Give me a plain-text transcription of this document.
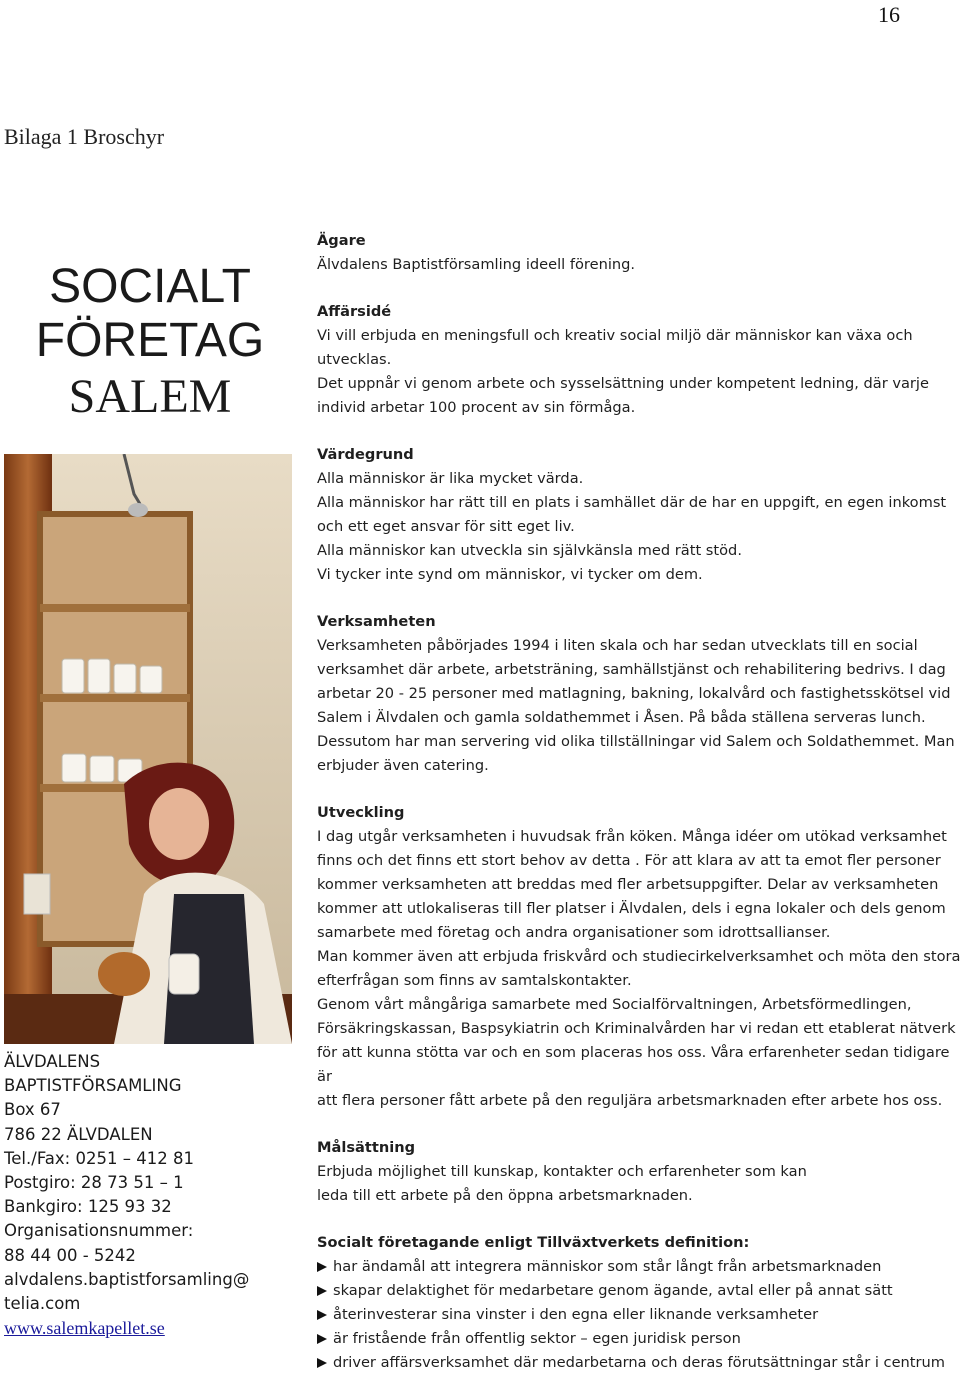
16
Bilaga 1 Broschyr
SOCIALT
FÖRETAG
SALEM
ÄLVDALENS
BAPTISTFÖRSAMLING
Box 67
786 22 ÄLVDALEN
Tel./Fax: 0251 – 412 81
Postgiro: 28 73 51 – 1
Bankgiro: 125 93 32
Organisationsnummer:
88 44 00 - 5242
alvdalens.baptistforsamling@
telia.com
www.salemkapellet.se
Ägare

Älvdalens Baptistförsamling ideell förening.

Affärsidé

Vi vill erbjuda en meningsfull och kreativ social miljö där människor kan växa och

utvecklas.

Det uppnår vi genom arbete och sysselsättning under kompetent ledning, där varje

individ arbetar 100 procent av sin förmåga.

Värdegrund

Alla människor är lika mycket värda.

Alla människor har rätt till en plats i samhället där de har en uppgift, en egen inkomst

och ett eget ansvar för sitt eget liv.

Alla människor kan utveckla sin självkänsla med rätt stöd.

Vi tycker inte synd om människor, vi tycker om dem.

Verksamheten

Verksamheten påbörjades 1994 i liten skala och har sedan utvecklats till en social

verksamhet där arbete, arbetsträning, samhällstjänst och rehabilitering bedrivs. I dag

arbetar 20 - 25 personer med matlagning, bakning, lokalvård och fastighetsskötsel vid

Salem i Älvdalen och gamla soldathemmet i Åsen. På båda ställena serveras lunch.

Dessutom har man servering vid olika tillställningar vid Salem och Soldathemmet. Man

erbjuder även catering.

Utveckling

I dag utgår verksamheten i huvudsak från köken. Många idéer om utökad verksamhet

finns och det finns ett stort behov av detta . För att klara av att ta emot fler personer

kommer verksamheten att breddas med fler arbetsuppgifter. Delar av verksamheten

kommer att utlokaliseras till fler platser i Älvdalen, dels i egna lokaler och dels genom

samarbete med företag och andra organisationer som idrottsallianser.

Man kommer även att erbjuda friskvård och studiecirkelverksamhet och möta den stora

efterfrågan som finns av samtalskontakter.

Genom vårt mångåriga samarbete med Socialförvaltningen, Arbetsförmedlingen,

Försäkringskassan, Baspsykiatrin och Kriminalvården har vi redan ett etablerat nätverk

för att kunna stötta var och en som placeras hos oss. Våra erfarenheter sedan tidigare är

att flera personer fått arbete på den reguljära arbetsmarknaden efter arbete hos oss.

Målsättning

Erbjuda möjlighet till kunskap, kontakter och erfarenheter som kan

leda till ett arbete på den öppna arbetsmarknaden.

Socialt företagande enligt Tillväxtverkets definition:
har ändamål att integrera människor som står långt från arbetsmarknaden
skapar delaktighet för medarbetare genom ägande, avtal eller på annat sätt
återinvesterar sina vinster i den egna eller liknande verksamheter
är fristående från offentlig sektor – egen juridisk person
driver affärsverksamhet där medarbetarna och deras förutsättningar står i centrum
